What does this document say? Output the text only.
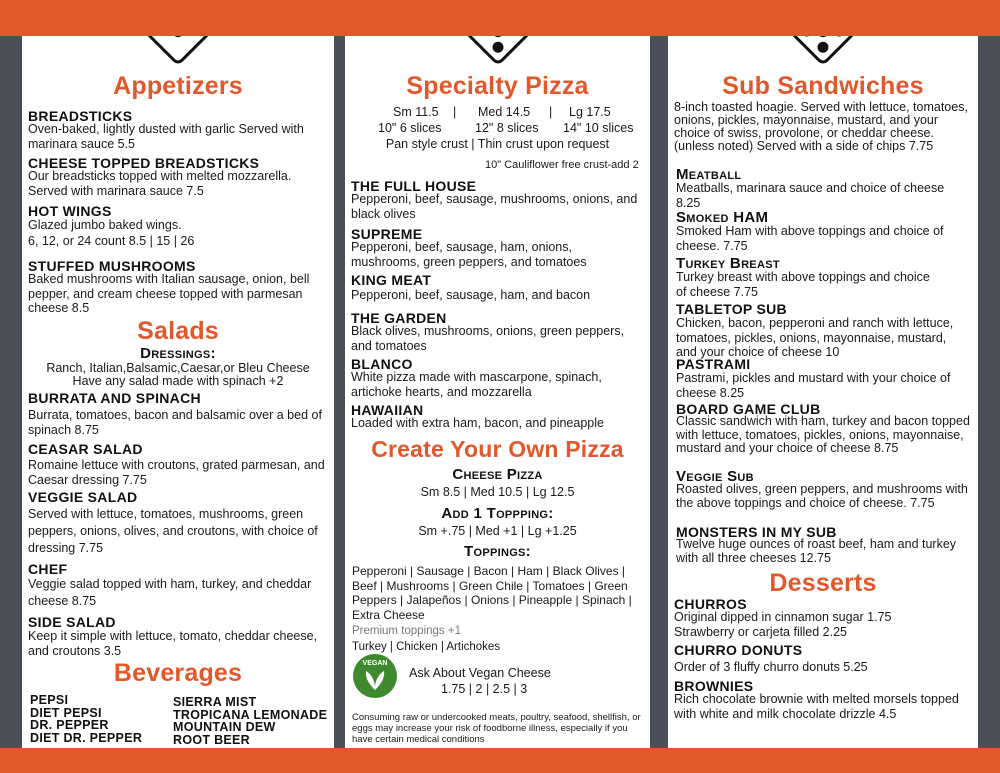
Appetizers
BREADSTICKS
Oven-baked, lightly dusted with garlic Served with marinara sauce 5.5
CHEESE TOPPED BREADSTICKS
Our breadsticks topped with melted mozzarella. Served with marinara sauce 7.5
HOT WINGS
Glazed jumbo baked wings.
6, 12, or 24 count 8.5 | 15 | 26
STUFFED MUSHROOMS
Baked mushrooms with Italian sausage, onion, bell pepper, and cream cheese topped with parmesan cheese 8.5
Salads
Dressings:
Ranch, Italian,Balsamic,Caesar,or Bleu Cheese
Have any salad made with spinach +2
BURRATA AND SPINACH
Burrata, tomatoes, bacon and balsamic over a bed of spinach 8.75
CEASAR SALAD
Romaine lettuce with croutons, grated parmesan, and Caesar dressing 7.75
VEGGIE SALAD
Served with lettuce, tomatoes, mushrooms, green peppers, onions, olives, and croutons, with choice of dressing 7.75
CHEF
Veggie salad topped with ham, turkey, and cheddar cheese 8.75
SIDE SALAD
Keep it simple with lettuce, tomato, cheddar cheese, and croutons 3.5
Beverages
PEPSI
DIET PEPSI
DR. PEPPER
DIET DR. PEPPER
SIERRA MIST
TROPICANA LEMONADE
MOUNTAIN DEW
ROOT BEER
Specialty Pizza
Sm 11.5 | Med 14.5 | Lg 17.5
10" 6 slices	12" 8 slices 14" 10 slices
Pan style crust | Thin crust upon request
10" Cauliflower free crust-add 2
THE FULL HOUSE
Pepperoni, beef, sausage, mushrooms, onions, and black olives
SUPREME
Pepperoni, beef, sausage, ham, onions, mushrooms, green peppers, and tomatoes
KING MEAT
Pepperoni, beef, sausage, ham, and bacon
THE GARDEN
Black olives, mushrooms, onions, green peppers, and tomatoes
BLANCO
White pizza made with mascarpone, spinach, artichoke hearts, and mozzarella
HAWAIIAN
Loaded with extra ham, bacon, and pineapple
Create Your Own Pizza
Cheese Pizza
Sm 8.5 | Med 10.5 | Lg 12.5
Add 1 Toppping:
Sm +.75 | Med +1 | Lg +1.25
Toppings:
Pepperoni | Sausage | Bacon | Ham | Black Olives | Beef | Mushrooms | Green Chile | Tomatoes | Green Peppers | Jalapeños | Onions | Pineapple | Spinach | Extra Cheese
Premium toppings +1
Turkey | Chicken | Artichokes
VEGAN
Ask About Vegan Cheese
1.75 | 2 | 2.5 | 3
Consuming raw or undercooked meats, poultry, seafood, shellfish, or eggs may increase your risk of foodborne illness, especially if you have certain medical conditions
Sub Sandwiches
8-inch toasted hoagie. Served with lettuce, tomatoes, onions, pickles, mayonnaise, mustard, and your choice of swiss, provolone, or cheddar cheese. (unless noted) Served with a side of chips 7.75
Meatball
Meatballs, marinara sauce and choice of cheese 8.25
Smoked HAM
Smoked Ham with above toppings and choice of cheese. 7.75
Turkey Breast
Turkey breast with above toppings and choice of cheese 7.75
TABLETOP SUB
Chicken, bacon, pepperoni and ranch with lettuce, tomatoes, pickles, onions, mayonnaise, mustard, and your choice of cheese 10
PASTRAMI
Pastrami, pickles and mustard with your choice of cheese 8.25
BOARD GAME CLUB
Classic sandwich with ham, turkey and bacon topped with lettuce, tomatoes, pickles, onions, mayonnaise, mustard and your choice of cheese 8.75
Veggie Sub
Roasted olives, green peppers, and mushrooms with the above toppings and choice of cheese. 7.75
MONSTERS IN MY SUB
Twelve huge ounces of roast beef, ham and turkey with all three cheeses 12.75
Desserts
CHURROS
Original dipped in cinnamon sugar 1.75
Strawberry or carjeta filled 2.25
CHURRO DONUTS
Order of 3 fluffy churro donuts 5.25
BROWNIES
Rich chocolate brownie with melted morsels topped with white and milk chocolate drizzle 4.5
